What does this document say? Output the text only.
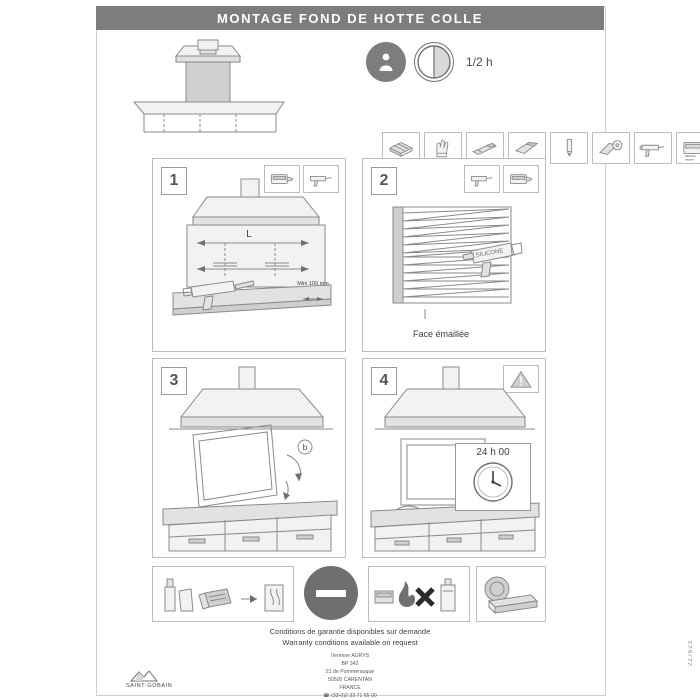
MONTAGE FOND DE HOTTE COLLE
227623
1/2 h
SILICONE
Silicone
neutre
1
L
Mini 100 mm
2
SILICONE
Face émaillée
3
b
4
24 h 00
Conditions de garantie disponibles sur demande
Warranty conditions available on request
Verenne AURYS
BP 342
21 de Pommerauque
50500 CARENTAN
FRANCE
☎ (33-0)2 33 71 65 00
SAINT-GOBAIN
